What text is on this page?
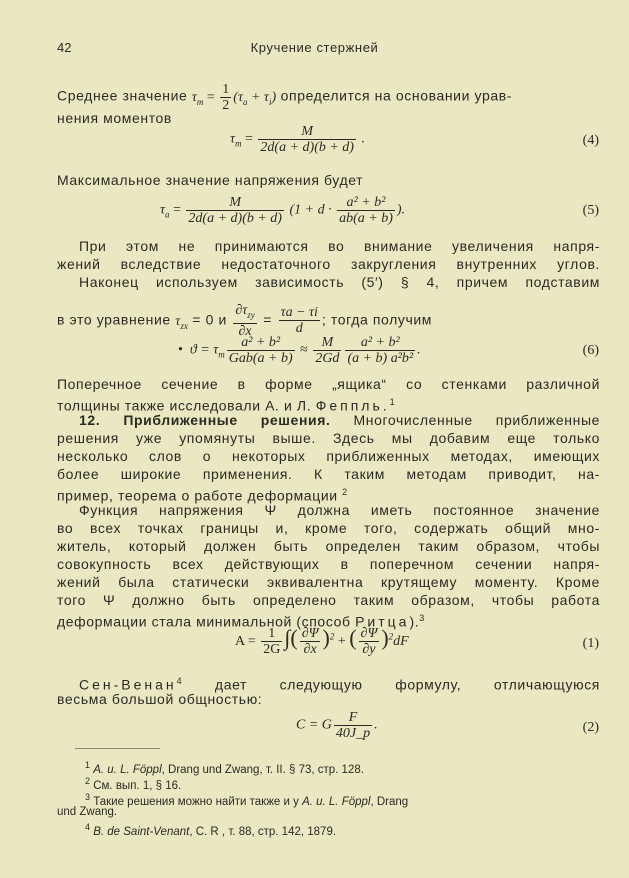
42	Кручение стержней
Среднее значение $\tau_m = \frac{1}{2} (\tau_a + \tau_i)$ определится на основании урав-
нения моментов
$\tau_m = \frac{M}{2d(a + d)(b + d)}$ .	(4)
Максимальное значение напряжения будет
$\tau_a = \frac{M}{2d(a + d)(b + d)} (1 + d \cdot \frac{\text{a² + b²}}{ab(a + b)}$ ).	(5)
При этом не принимаются во внимание увеличения напря-
жений вследствие недостаточного закругления внутренних углов.
Наконец используем зависимость (5′) § 4, причем подставим
в это уравнение $\tau_{zx} = 0$ и $\frac{\partial\tau_{zy}}{\partial x} = \frac{\tau a - \tau i}{d}$ ; тогда получим
• $ϑ = \tau_m \frac{\text{a² + b²}}{\text{Gab(a + b)}} \approx \frac{M}{2Gd} \frac{\text{a² + b²}}{\text{(a + b) a²b²}}$ .	(6)
Поперечное сечение в форме „ящика“ со стенками различной
толщины также исследовали А. и Л. Феппль.$^1$
12. Приближенные решения. Многочисленные приближенные
решения уже упомянуты выше. Здесь мы добавим еще только
несколько слов о некоторых приближенных методах, имеющих
более широкие применения. К таким методам приводит, на-
пример, теорема о работе деформации $^2$
Функция напряжения Ψ должна иметь постоянное значение
во всех точках границы и, кроме того, содержать общий мно-
житель, который должен быть определен таким образом, чтобы
совокупность всех действующих в поперечном сечении напря-
жений была статически эквивалентна крутящему моменту. Кроме
того Ψ должно быть определено таким образом, чтобы работа
деформации стала минимальной (способ Ритца).$^3$
$A = \frac{1}{2G}$ ∫( $\frac{\partial\Psi}{\partial x} )^2$ + ( $\frac{\partial\Psi}{\partial y} )^2dF$	(1)
Сен-Венан$^4$ дает следующую формулу, отличающуюся
весьма большой общностью:
C = G $\frac{F}{40J\_p}$ .	(2)
$^1$ A. u. L. Föppl, Drang und Zwang, т. II. § 73, стр. 128.
$^2$ См. вып. 1, § 16.
$^3$ Такие решения можно найти также и у A. u. L. Föppl, Drang
und Zwang.
$^4$ B. de Saint-Venant, C. R , т. 88, стр. 142, 1879.
